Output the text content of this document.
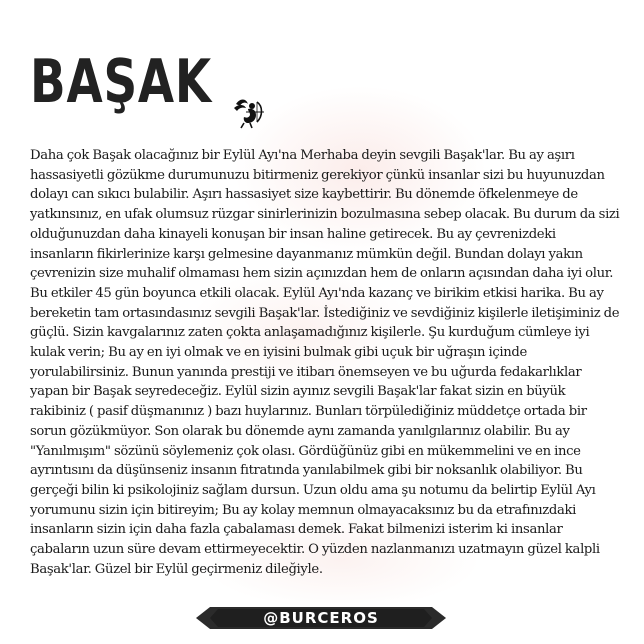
BAŞAK

Daha çok Başak olacağınız bir Eylül Ayı'na Merhaba deyin sevgili Başak'lar. Bu ay aşırı hassasiyetli gözükme durumunuzu bitirmeniz gerekiyor çünkü insanlar sizi bu huyunuzdan dolayı can sıkıcı bulabilir. Aşırı hassasiyet size kaybettirir. Bu dönemde öfkelenmeye de yatkınsınız, en ufak olumsuz rüzgar sinirlerinizin bozulmasına sebep olacak. Bu durum da sizi olduğunuzdan daha kinayeli konuşan bir insan haline getirecek. Bu ay çevrenizdeki insanların fikirlerinize karşı gelmesine dayanmanız mümkün değil. Bundan dolayı yakın çevrenizin size muhalif olmaması hem sizin açınızdan hem de onların açısından daha iyi olur. Bu etkiler 45 gün boyunca etkili olacak. Eylül Ayı'nda kazanç ve birikim etkisi harika. Bu ay bereketin tam ortasındasınız sevgili Başak'lar. İstediğiniz ve sevdiğiniz kişilerle iletişiminiz de güçlü. Sizin kavgalarınız zaten çokta anlaşamadığınız kişilerle. Şu kurduğum cümleye iyi kulak verin; Bu ay en iyi olmak ve en iyisini bulmak gibi uçuk bir uğraşın içinde yorulabilirsiniz. Bunun yanında prestiji ve itibarı önemseyen ve bu uğurda fedakarlıklar yapan bir Başak seyredeceğiz. Eylül sizin ayınız sevgili Başak'lar fakat sizin en büyük rakibiniz ( pasif düşmanınız ) bazı huylarınız. Bunları törpülediğiniz müddetçe ortada bir sorun gözükmüyor. Son olarak bu dönemde aynı zamanda yanılgılarınız olabilir. Bu ay "Yanılmışım" sözünü söylemeniz çok olası. Gördüğünüz gibi en mükemmelini ve en ince ayrıntısını da düşünseniz insanın fıtratında yanılabilmek gibi bir noksanlık olabiliyor. Bu gerçeği bilin ki psikolojiniz sağlam dursun. Uzun oldu ama şu notumu da belirtip Eylül Ayı yorumunu sizin için bitireyim; Bu ay kolay memnun olmayacaksınız bu da etrafınızdaki insanların sizin için daha fazla çabalaması demek. Fakat bilmenizi isterim ki insanlar çabaların uzun süre devam ettirmeyecektir. O yüzden nazlanmanızı uzatmayın güzel kalpli Başak'lar. Güzel bir Eylül geçirmeniz dileğiyle.

@BURCEROS
